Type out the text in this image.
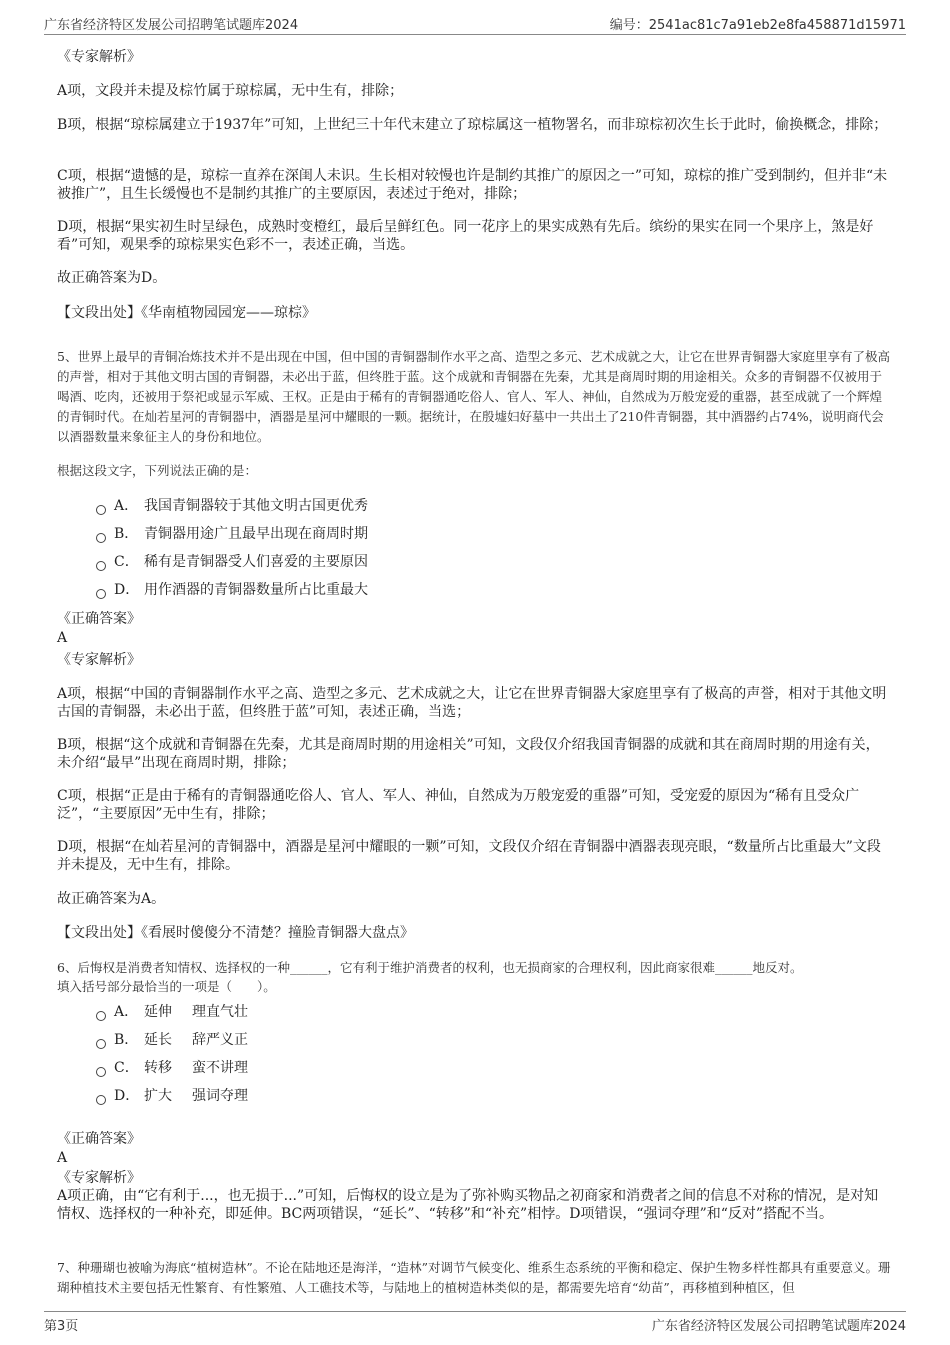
广东省经济特区发展公司招聘笔试题库2024	编号：2541ac81c7a91eb2e8fa458871d15971
《专家解析》
A项，文段并未提及棕竹属于琼棕属，无中生有，排除；
B项，根据“琼棕属建立于1937年”可知，上世纪三十年代末建立了琼棕属这一植物署名，而非琼棕初次生长于此时，偷换概念，排除；
C项，根据“遗憾的是，琼棕一直养在深闺人未识。生长相对较慢也许是制约其推广的原因之一”可知，琼棕的推广受到制约，但并非“未被推广”，且生长缓慢也不是制约其推广的主要原因，表述过于绝对，排除；
D项，根据“果实初生时呈绿色，成熟时变橙红，最后呈鲜红色。同一花序上的果实成熟有先后。缤纷的果实在同一个果序上，煞是好看”可知，观果季的琼棕果实色彩不一，表述正确，当选。
故正确答案为D。
【文段出处】《华南植物园园宠——琼棕》
5、世界上最早的青铜冶炼技术并不是出现在中国，但中国的青铜器制作水平之高、造型之多元、艺术成就之大，让它在世界青铜器大家庭里享有了极高的声誉，相对于其他文明古国的青铜器，未必出于蓝，但终胜于蓝。这个成就和青铜器在先秦，尤其是商周时期的用途相关。众多的青铜器不仅被用于喝酒、吃肉，还被用于祭祀或显示军威、王权。正是由于稀有的青铜器通吃俗人、官人、军人、神仙，自然成为万般宠爱的重器，甚至成就了一个辉煌的青铜时代。在灿若星河的青铜器中，酒器是星河中耀眼的一颗。据统计，在殷墟妇好墓中一共出土了210件青铜器，其中酒器约占74%，说明商代会以酒器数量来象征主人的身份和地位。
根据这段文字，下列说法正确的是：
A． 我国青铜器较于其他文明古国更优秀
B． 青铜器用途广且最早出现在商周时期
C． 稀有是青铜器受人们喜爱的主要原因
D． 用作酒器的青铜器数量所占比重最大
《正确答案》
A
《专家解析》
A项，根据“中国的青铜器制作水平之高、造型之多元、艺术成就之大，让它在世界青铜器大家庭里享有了极高的声誉，相对于其他文明古国的青铜器，未必出于蓝，但终胜于蓝”可知，表述正确，当选；
B项，根据“这个成就和青铜器在先秦，尤其是商周时期的用途相关”可知，文段仅介绍我国青铜器的成就和其在商周时期的用途有关，未介绍“最早”出现在商周时期，排除；
C项，根据“正是由于稀有的青铜器通吃俗人、官人、军人、神仙，自然成为万般宠爱的重器”可知，受宠爱的原因为“稀有且受众广泛”，“主要原因”无中生有，排除；
D项，根据“在灿若星河的青铜器中，酒器是星河中耀眼的一颗”可知，文段仅介绍在青铜器中酒器表现亮眼，“数量所占比重最大”文段并未提及，无中生有，排除。
故正确答案为A。
【文段出处】《看展时傻傻分不清楚？撞脸青铜器大盘点》
6、后悔权是消费者知情权、选择权的一种______，它有利于维护消费者的权利，也无损商家的合理权利，因此商家很难______地反对。
填入括号部分最恰当的一项是（　　）。
A． 延伸 理直气壮
B． 延长 辞严义正
C． 转移 蛮不讲理
D． 扩大 强词夺理
《正确答案》
A
《专家解析》
A项正确，由“它有利于...，也无损于...”可知，后悔权的设立是为了弥补购买物品之初商家和消费者之间的信息不对称的情况，是对知情权、选择权的一种补充，即延伸。BC两项错误，“延长”、“转移”和“补充”相悖。D项错误，“强词夺理”和“反对”搭配不当。
7、种珊瑚也被喻为海底“植树造林”。不论在陆地还是海洋，“造林”对调节气候变化、维系生态系统的平衡和稳定、保护生物多样性都具有重要意义。珊瑚种植技术主要包括无性繁育、有性繁殖、人工礁技术等，与陆地上的植树造林类似的是，都需要先培育“幼苗”，再移植到种植区，但
第3页	广东省经济特区发展公司招聘笔试题库2024
